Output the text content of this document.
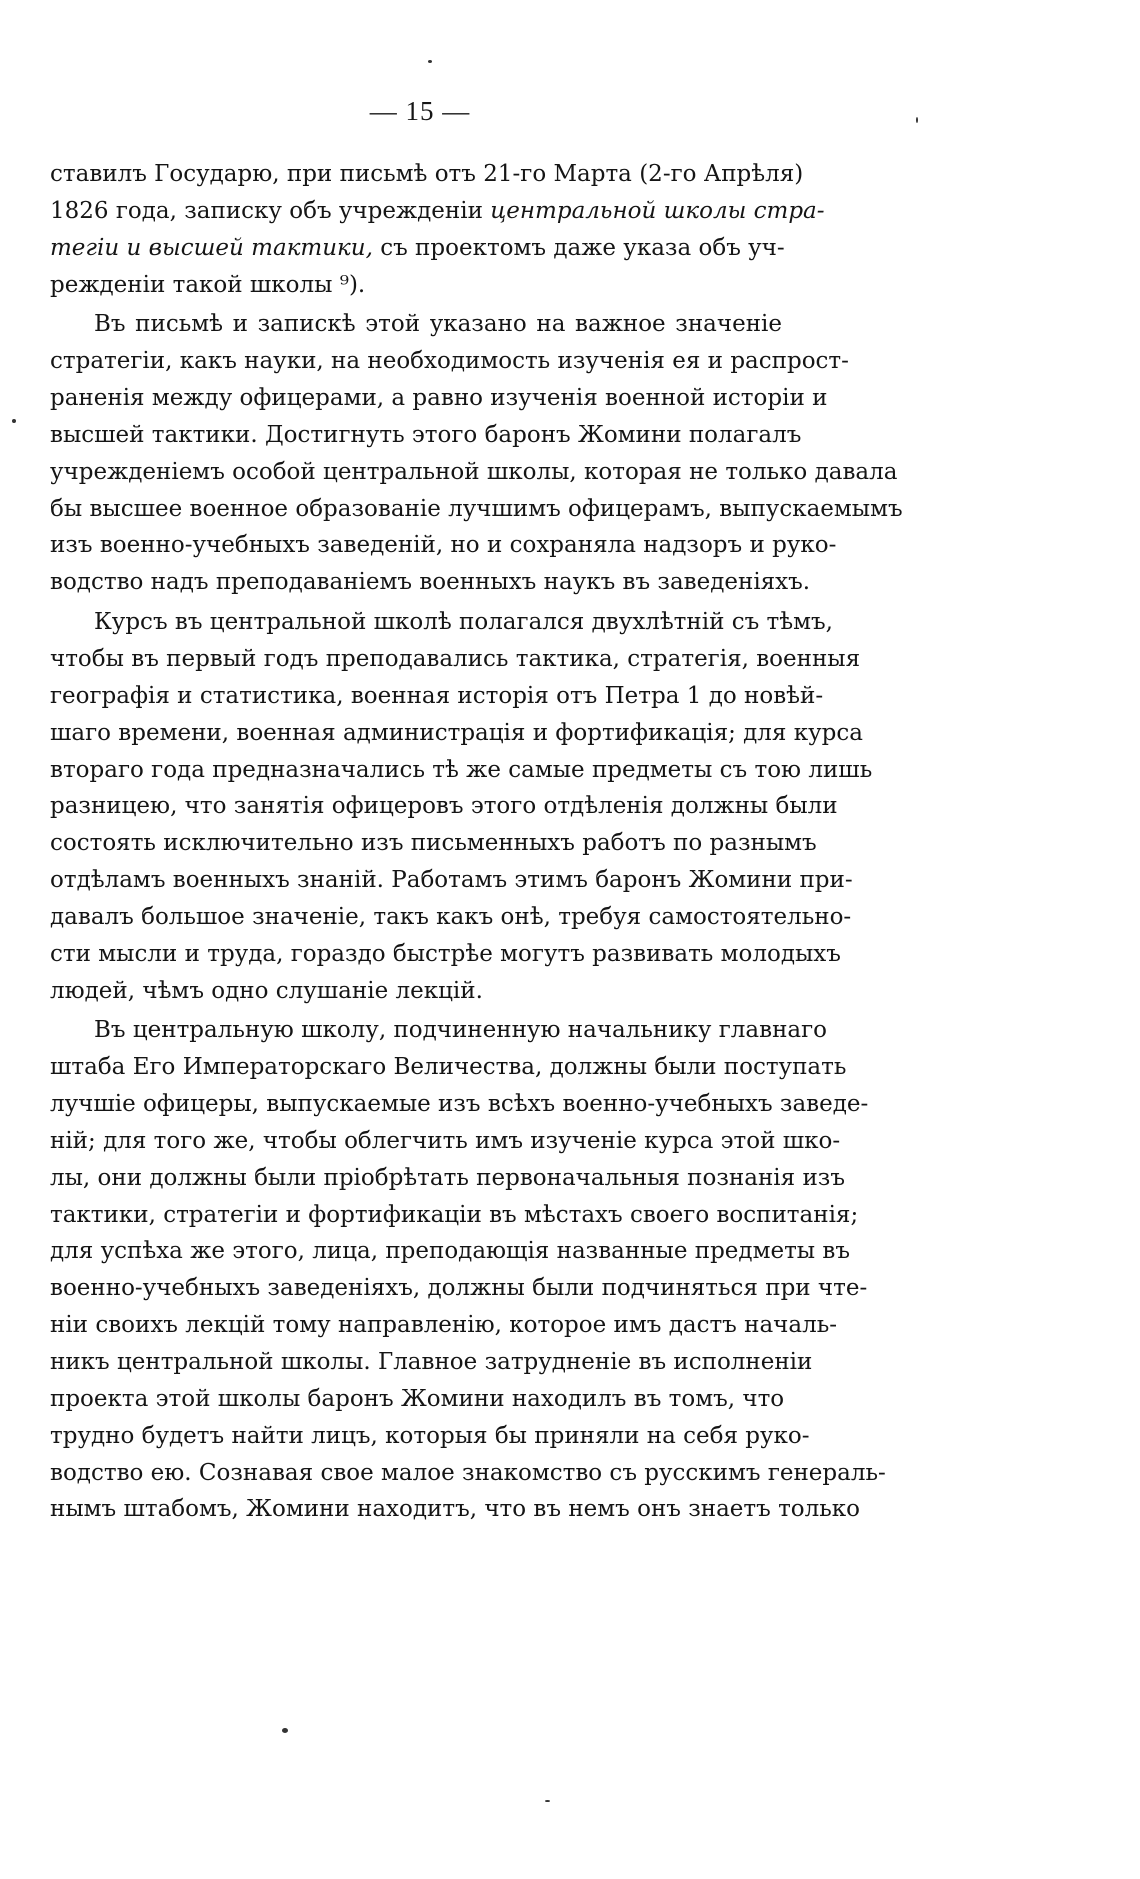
— 15 —
ставилъ Государю, при письмѣ отъ 21-го Марта (2-го Апрѣля)
1826 года, записку объ учрежденiи центральной школы стра-
тегiи и высшей тактики, съ проектомъ даже указа объ уч-
режденiи такой школы ⁹).
Въ письмѣ и запискѣ этой указано на важное значенiе
стратегiи, какъ науки, на необходимость изученiя ея и распрост-
раненiя между офицерами, а равно изученiя военной исторiи и
высшей тактики. Достигнуть этого баронъ Жомини полагалъ
учрежденiемъ особой центральной школы, которая не только давала
бы высшее военное образованiе лучшимъ офицерамъ, выпускаемымъ
изъ военно-учебныхъ заведенiй, но и сохраняла надзоръ и руко-
водство надъ преподаванiемъ военныхъ наукъ въ заведенiяхъ.
Курсъ въ центральной школѣ полагался двухлѣтнiй съ тѣмъ,
чтобы въ первый годъ преподавались тактика, стратегiя, военныя
географiя и статистика, военная исторiя отъ Петра 1 до новѣй-
шаго времени, военная администрацiя и фортификацiя; для курса
втораго года предназначались тѣ же самые предметы съ тою лишь
разницею, что занятiя офицеровъ этого отдѣленiя должны были
состоять исключительно изъ письменныхъ работъ по разнымъ
отдѣламъ военныхъ знанiй. Работамъ этимъ баронъ Жомини при-
давалъ большое значенiе, такъ какъ онѣ, требуя самостоятельно-
сти мысли и труда, гораздо быстрѣе могутъ развивать молодыхъ
людей, чѣмъ одно слушанiе лекцiй.
Въ центральную школу, подчиненную начальнику главнаго
штаба Его Императорскаго Величества, должны были поступать
лучшiе офицеры, выпускаемые изъ всѣхъ военно-учебныхъ заведе-
нiй; для того же, чтобы облегчить имъ изученiе курса этой шко-
лы, они должны были прiобрѣтать первоначальныя познанiя изъ
тактики, стратегiи и фортификацiи въ мѣстахъ своего воспитанiя;
для успѣха же этого, лица, преподающiя названные предметы въ
военно-учебныхъ заведенiяхъ, должны были подчиняться при чте-
нiи своихъ лекцiй тому направленiю, которое имъ дастъ началь-
никъ центральной школы. Главное затрудненiе въ исполненiи
проекта этой школы баронъ Жомини находилъ въ томъ, что
трудно будетъ найти лицъ, которыя бы приняли на себя руко-
водство ею. Сознавая свое малое знакомство съ русскимъ генераль-
нымъ штабомъ, Жомини находитъ, что въ немъ онъ знаетъ только
